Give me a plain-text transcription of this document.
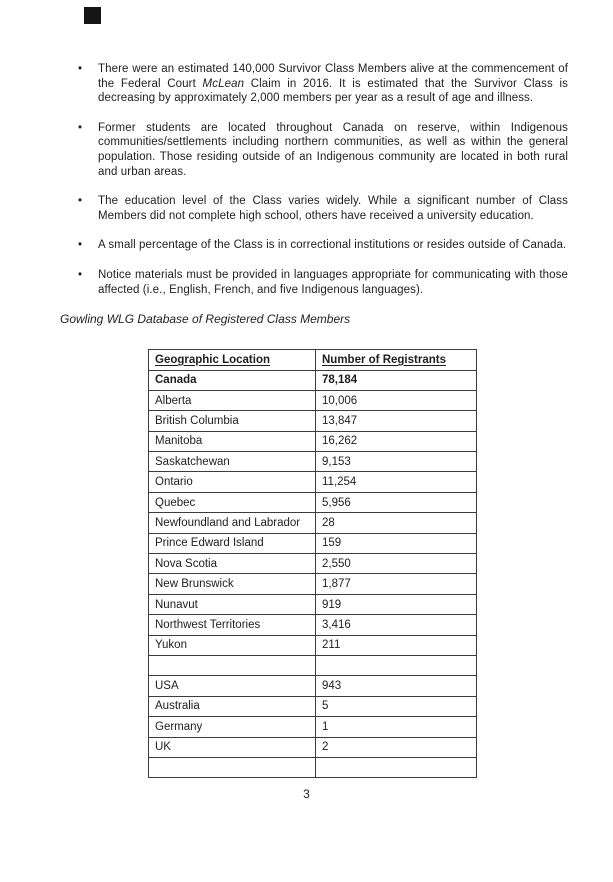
•	There were an estimated 140,000 Survivor Class Members alive at the commencement of the Federal Court McLean Claim in 2016. It is estimated that the Survivor Class is decreasing by approximately 2,000 members per year as a result of age and illness.
•	Former students are located throughout Canada on reserve, within Indigenous communities/settlements including northern communities, as well as within the general population. Those residing outside of an Indigenous community are located in both rural and urban areas.
•	The education level of the Class varies widely. While a significant number of Class Members did not complete high school, others have received a university education.
•	A small percentage of the Class is in correctional institutions or resides outside of Canada.
•	Notice materials must be provided in languages appropriate for communicating with those affected (i.e., English, French, and five Indigenous languages).

Gowling WLG Database of Registered Class Members

Geographic Location	Number of Registrants
Canada	78,184
Alberta	10,006
British Columbia	13,847
Manitoba	16,262
Saskatchewan	9,153
Ontario	11,254
Quebec	5,956
Newfoundland and Labrador	28
Prince Edward Island	159
Nova Scotia	2,550
New Brunswick	1,877
Nunavut	919
Northwest Territories	3,416
Yukon	211

USA	943
Australia	5
Germany	1
UK	2

3
